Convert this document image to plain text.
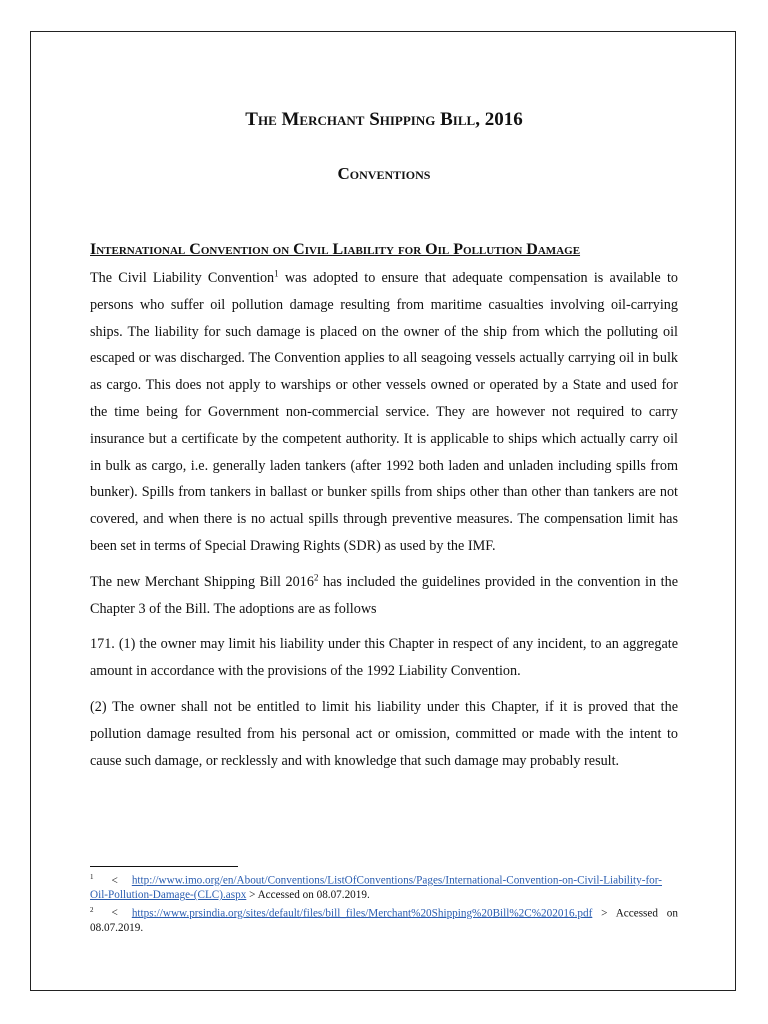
The Merchant Shipping Bill, 2016
Conventions
International Convention on Civil Liability for Oil Pollution Damage

The Civil Liability Convention$^1$ was adopted to ensure that adequate compensation is available to persons who suffer oil pollution damage resulting from maritime casualties involving oil-carrying ships. The liability for such damage is placed on the owner of the ship from which the polluting oil escaped or was discharged. The Convention applies to all seagoing vessels actually carrying oil in bulk as cargo. This does not apply to warships or other vessels owned or operated by a State and used for the time being for Government non-commercial service. They are however not required to carry insurance but a certificate by the competent authority. It is applicable to ships which actually carry oil in bulk as cargo, i.e. generally laden tankers (after 1992 both laden and unladen including spills from bunker). Spills from tankers in ballast or bunker spills from ships other than other than tankers are not covered, and when there is no actual spills through preventive measures. The compensation limit has been set in terms of Special Drawing Rights (SDR) as used by the IMF.

The new Merchant Shipping Bill 2016$^2$ has included the guidelines provided in the convention in the Chapter 3 of the Bill. The adoptions are as follows

171. (1) the owner may limit his liability under this Chapter in respect of any incident, to an aggregate amount in accordance with the provisions of the 1992 Liability Convention.

(2) The owner shall not be entitled to limit his liability under this Chapter, if it is proved that the pollution damage resulted from his personal act or omission, committed or made with the intent to cause such damage, or recklessly and with knowledge that such damage may probably result.

$^1$ < http://www.imo.org/en/About/Conventions/ListOfConventions/Pages/International-Convention-on-Civil-Liability-for-Oil-Pollution-Damage-(CLC).aspx > Accessed on 08.07.2019.

$^2$ < https://www.prsindia.org/sites/default/files/bill_files/Merchant%20Shipping%20Bill%2C%202016.pdf > Accessed on 08.07.2019.
